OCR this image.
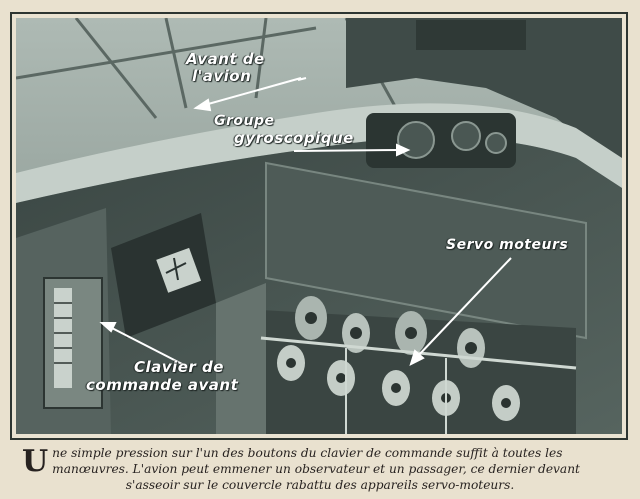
Avant de
l'avion
Groupe
gyroscopique
Servo moteurs
Clavier de
commande avant
U ne simple pression sur l'un des boutons du clavier de commande suffit à toutes les
manœuvres. L'avion peut emmener un observateur et un passager, ce dernier devant
s'asseoir sur le couvercle rabattu des appareils servo-moteurs.
